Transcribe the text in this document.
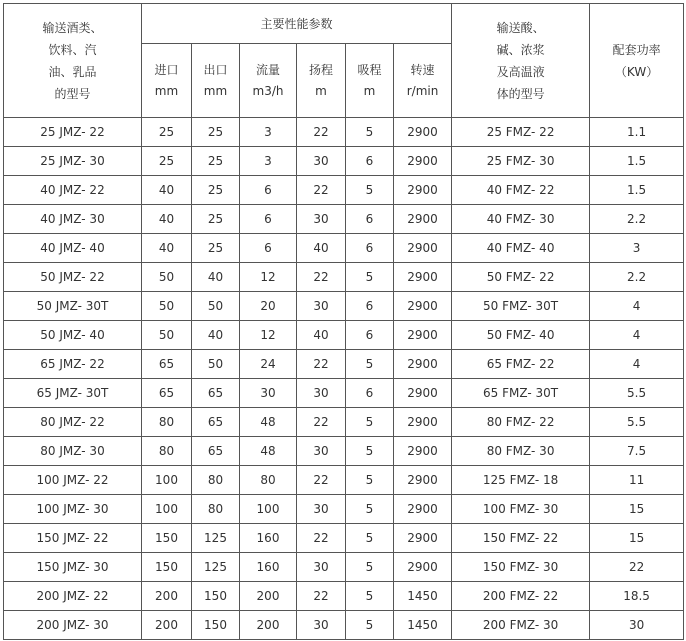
输送酒类、
饮料、汽
油、乳品
的型号	主要性能参数						输送酸、
碱、浓浆
及高温液
体的型号	配套功率
（KW）

	进口
mm	出口
mm	流量
m3/h	扬程
m	吸程
m	转速
r/min		

25 JMZ- 22	25	25	3	22	5	2900	25 FMZ- 22	1.1
25 JMZ- 30	25	25	3	30	6	2900	25 FMZ- 30	1.5
40 JMZ- 22	40	25	6	22	5	2900	40 FMZ- 22	1.5
40 JMZ- 30	40	25	6	30	6	2900	40 FMZ- 30	2.2
40 JMZ- 40	40	25	6	40	6	2900	40 FMZ- 40	3
50 JMZ- 22	50	40	12	22	5	2900	50 FMZ- 22	2.2
50 JMZ- 30T	50	50	20	30	6	2900	50 FMZ- 30T	4
50 JMZ- 40	50	40	12	40	6	2900	50 FMZ- 40	4
65 JMZ- 22	65	50	24	22	5	2900	65 FMZ- 22	4
65 JMZ- 30T	65	65	30	30	6	2900	65 FMZ- 30T	5.5
80 JMZ- 22	80	65	48	22	5	2900	80 FMZ- 22	5.5
80 JMZ- 30	80	65	48	30	5	2900	80 FMZ- 30	7.5
100 JMZ- 22	100	80	80	22	5	2900	125 FMZ- 18	11
100 JMZ- 30	100	80	100	30	5	2900	100 FMZ- 30	15
150 JMZ- 22	150	125	160	22	5	2900	150 FMZ- 22	15
150 JMZ- 30	150	125	160	30	5	2900	150 FMZ- 30	22
200 JMZ- 22	200	150	200	22	5	1450	200 FMZ- 22	18.5
200 JMZ- 30	200	150	200	30	5	1450	200 FMZ- 30	30
